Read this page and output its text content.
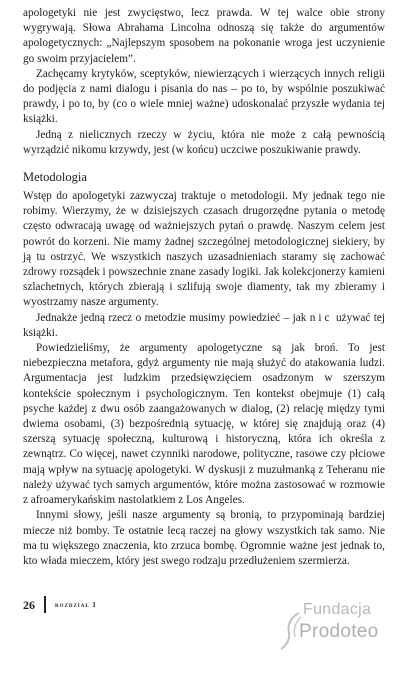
apologetyki nie jest zwycięstwo, lecz prawda. W tej walce obie strony wygrywają. Słowa Abrahama Lincolna odnoszą się także do argumentów apologetycznych: „Najlepszym sposobem na pokonanie wroga jest uczynienie go swoim przyjacielem”.

Zachęcamy krytyków, sceptyków, niewierzących i wierzących innych religii do podjęcia z nami dialogu i pisania do nas – po to, by wspólnie poszukiwać prawdy, i po to, by (co o wiele mniej ważne) udoskonalać przyszłe wydania tej książki.

Jedną z nielicznych rzeczy w życiu, która nie może z całą pewnością wyrządzić nikomu krzywdy, jest (w końcu) uczciwe poszukiwanie prawdy.

Metodologia

Wstęp do apologetyki zazwyczaj traktuje o metodologii. My jednak tego nie robimy. Wierzymy, że w dzisiejszych czasach drugorzędne pytania o metodę często odwracają uwagę od ważniejszych pytań o prawdę. Naszym celem jest powrót do korzeni. Nie mamy żadnej szczególnej metodologicznej siekiery, by ją tu ostrzyć. We wszystkich naszych uzasadnieniach staramy się zachować zdrowy rozsądek i powszechnie znane zasady logiki. Jak kolekcjonerzy kamieni szlachetnych, których zbierają i szlifują swoje diamenty, tak my zbieramy i wyostrzamy nasze argumenty.

Jednakże jedną rzecz o metodzie musimy powiedzieć – jak nic używać tej książki.

Powiedzieliśmy, że argumenty apologetyczne są jak broń. To jest niebezpieczna metafora, gdyż argumenty nie mają służyć do atakowania ludzi. Argumentacja jest ludzkim przedsięwzięciem osadzonym w szerszym kontekście społecznym i psychologicznym. Ten kontekst obejmuje (1) całą psyche każdej z dwu osób zaangażowanych w dialog, (2) relację między tymi dwiema osobami, (3) bezpośrednią sytuację, w której się znajdują oraz (4) szerszą sytuację społeczną, kulturową i historyczną, która ich określa z zewnątrz. Co więcej, nawet czynniki narodowe, polityczne, rasowe czy płciowe mają wpływ na sytuację apologetyki. W dyskusji z muzułmanką z Teheranu nie należy używać tych samych argumentów, które można zastosować w rozmowie z afroamerykańskim nastolatkiem z Los Angeles.

Innymi słowy, jeśli nasze argumenty są bronią, to przypominają bardziej miecze niż bomby. Te ostatnie lecą raczej na głowy wszystkich tak samo. Nie ma tu większego znaczenia, kto zrzuca bombę. Ogromnie ważne jest jednak to, kto włada mieczem, który jest swego rodzaju przedłużeniem szermierza.

26	rozdział 1	Fundacja
Prodoteo
